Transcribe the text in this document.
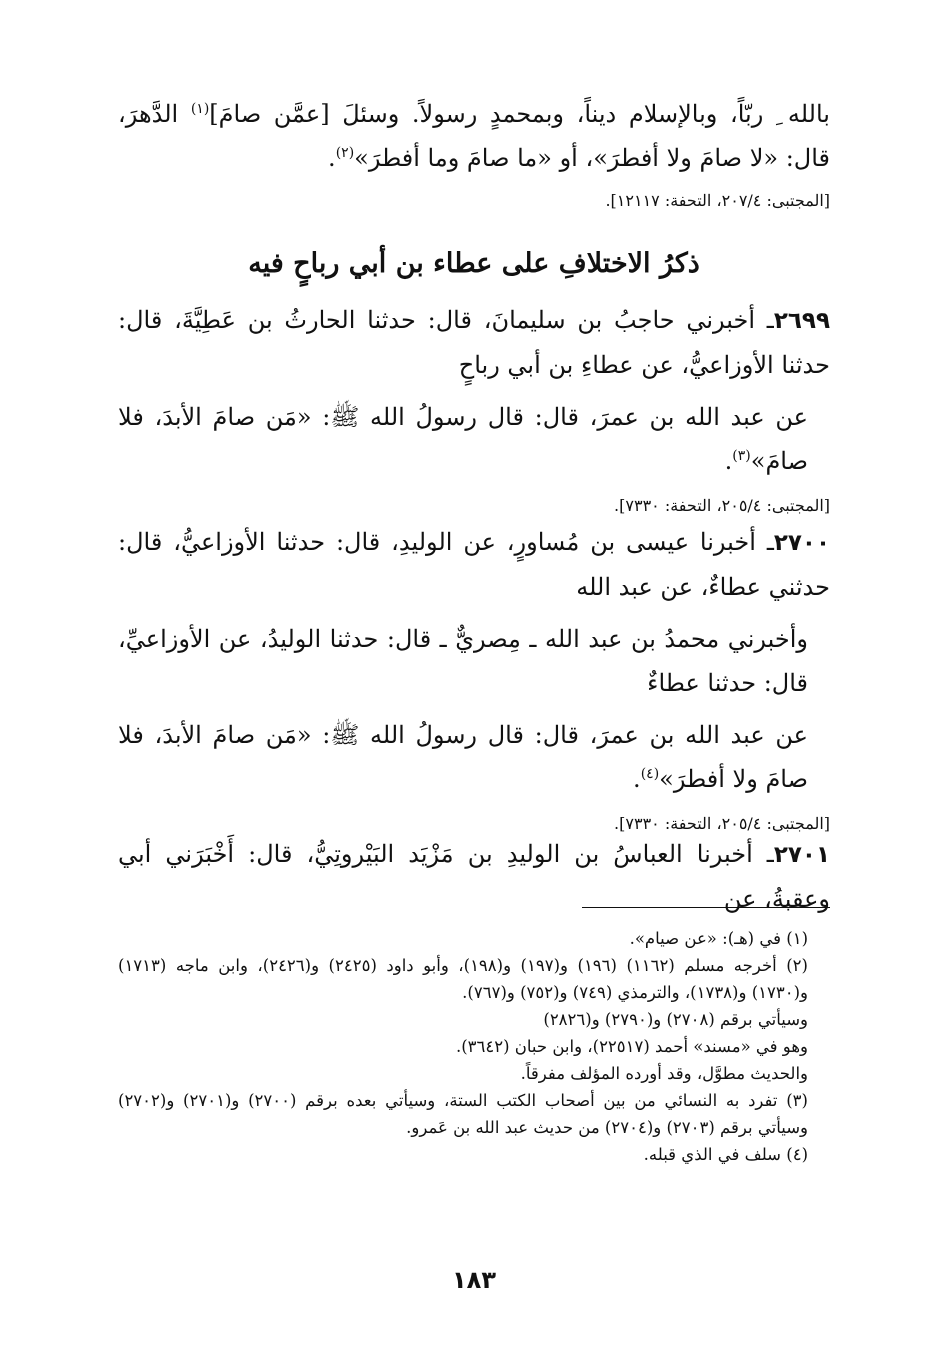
بالله ِ ربّاً، وبالإسلام ديناً، وبمحمدٍ رسولاً. وسئلَ [عمَّن صامَ]$^{(١)}$ الدَّهرَ، قال: «لا صامَ ولا أفطرَ»، أو «ما صامَ وما أفطرَ»$^{(٢)}$.

[المجتبى: ٢٠٧/٤، التحفة: ١٢١١٧].

ذكرُ الاختلافِ على عطاء بن أبي رباحٍ فيه

٢٦٩٩ـ أخبرني حاجبُ بن سليمانَ، قال: حدثنا الحارثُ بن عَطِيَّةَ، قال: حدثنا الأوزاعيُّ، عن عطاءِ بن أبي رباحٍ

عن عبد الله بن عمرَ، قال: قال رسولُ الله ﷺ: «مَن صامَ الأبدَ، فلا صامَ»$^{(٣)}$.

[المجتبى: ٢٠٥/٤، التحفة: ٧٣٣٠].

٢٧٠٠ـ أخبرنا عيسى بن مُساورٍ، عن الوليدِ، قال: حدثنا الأوزاعيُّ، قال: حدثني عطاءٌ، عن عبد الله

وأخبرني محمدُ بن عبد الله ـ مِصريٌّ ـ قال: حدثنا الوليدُ، عن الأوزاعيِّ، قال: حدثنا عطاءٌ

عن عبد الله بن عمرَ، قال: قال رسولُ الله ﷺ: «مَن صامَ الأبدَ، فلا صامَ ولا أفطرَ»$^{(٤)}$.

[المجتبى: ٢٠٥/٤، التحفة: ٧٣٣٠].

٢٧٠١ـ أخبرنا العباسُ بن الوليدِ بن مَزْيَد البَيْروتِيُّ، قال: أَخْبَرَني أبي وعقبةُ، عن

(١) في (هـ): «عن صيام».

(٢) أخرجه مسلم (١١٦٢) (١٩٦) و(١٩٧) و(١٩٨)، وأبو داود (٢٤٢٥) و(٢٤٢٦)، وابن ماجه (١٧١٣) و(١٧٣٠) و(١٧٣٨)، والترمذي (٧٤٩) و(٧٥٢) و(٧٦٧).

وسيأتي برقم (٢٧٠٨) و(٢٧٩٠) و(٢٨٢٦)

وهو في «مسند» أحمد (٢٢٥١٧)، وابن حبان (٣٦٤٢).

والحديث مطوَّل، وقد أورده المؤلف مفرقاً.

(٣) تفرد به النسائي من بين أصحاب الكتب الستة، وسيأتي بعده برقم (٢٧٠٠) و(٢٧٠١) و(٢٧٠٢) وسيأتي برقم (٢٧٠٣) و(٢٧٠٤) من حديث عبد الله بن عَمرو.

(٤) سلف في الذي قبله.

١٨٣
